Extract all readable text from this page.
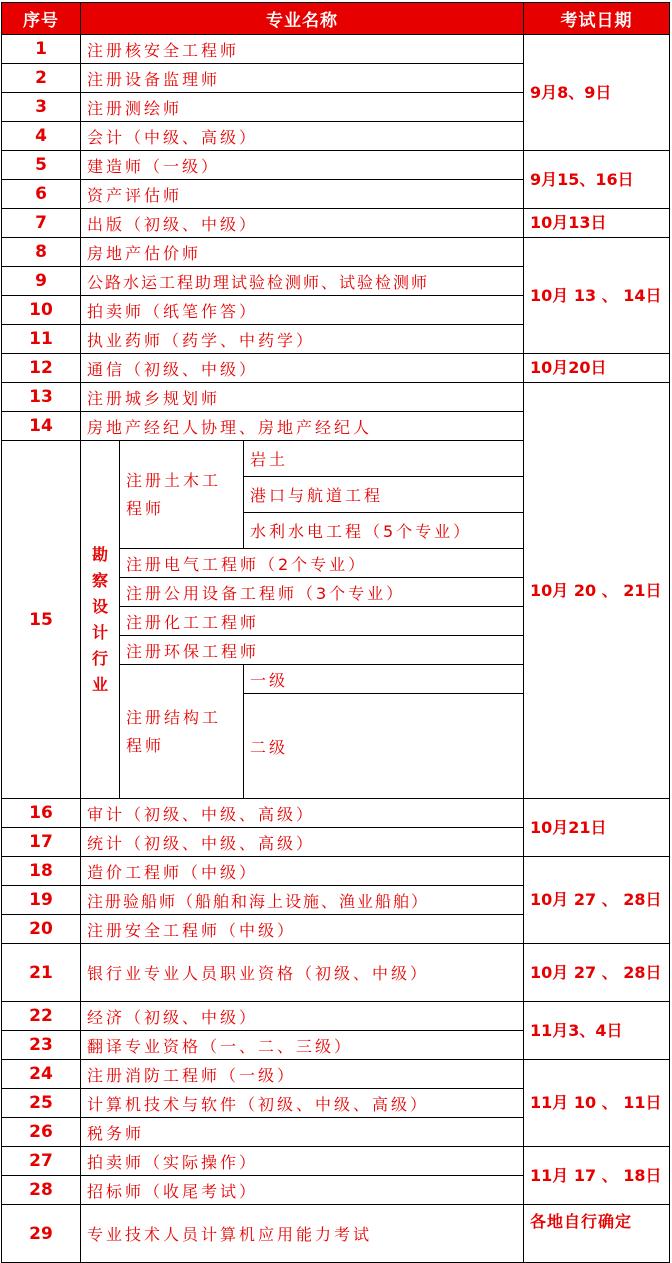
序号	专业名称			考试日期	
1	注册核安全工程师			9月8、9日	
2	注册设备监理师				
3	注册测绘师				
4	会计（中级、高级）				
5	建造师（一级）			9月15、16日	
6	资产评估师				
7	出版（初级、中级）			10月13日	
8	房地产估价师			10月 13 、 14日	
9	公路水运工程助理试验检测师、试验检测师				
10	拍卖师（纸笔作答）				
11	执业药师（药学、中药学）				
12	通信（初级、中级）			10月20日	
13	注册城乡规划师			10月 20 、 21日	
14	房地产经纪人协理、房地产经纪人				
15	勘察设计行业	注册土木工程师	岩土		
			港口与航道工程		
			水利水电工程（5个专业）		
		注册电气工程师（2个专业）			
		注册公用设备工程师（3个专业）			
		注册化工工程师			
		注册环保工程师			
		注册结构工程师	一级		
			二级	
16	审计（初级、中级、高级）			10月21日	
17	统计（初级、中级、高级）				
18	造价工程师（中级）			10月 27 、 28日	
19	注册验船师（船舶和海上设施、渔业船舶）				
20	注册安全工程师（中级）				
21	银行业专业人员职业资格（初级、中级）			10月 27 、 28日	
22	经济（初级、中级）			11月3、4日	
23	翻译专业资格（一、二、三级）				
24	注册消防工程师（一级）			11月 10 、 11日	
25	计算机技术与软件（初级、中级、高级）				
26	税务师				
27	拍卖师（实际操作）			11月 17 、 18日	
28	招标师（收尾考试）				
29	专业技术人员计算机应用能力考试			各地自行确定	
